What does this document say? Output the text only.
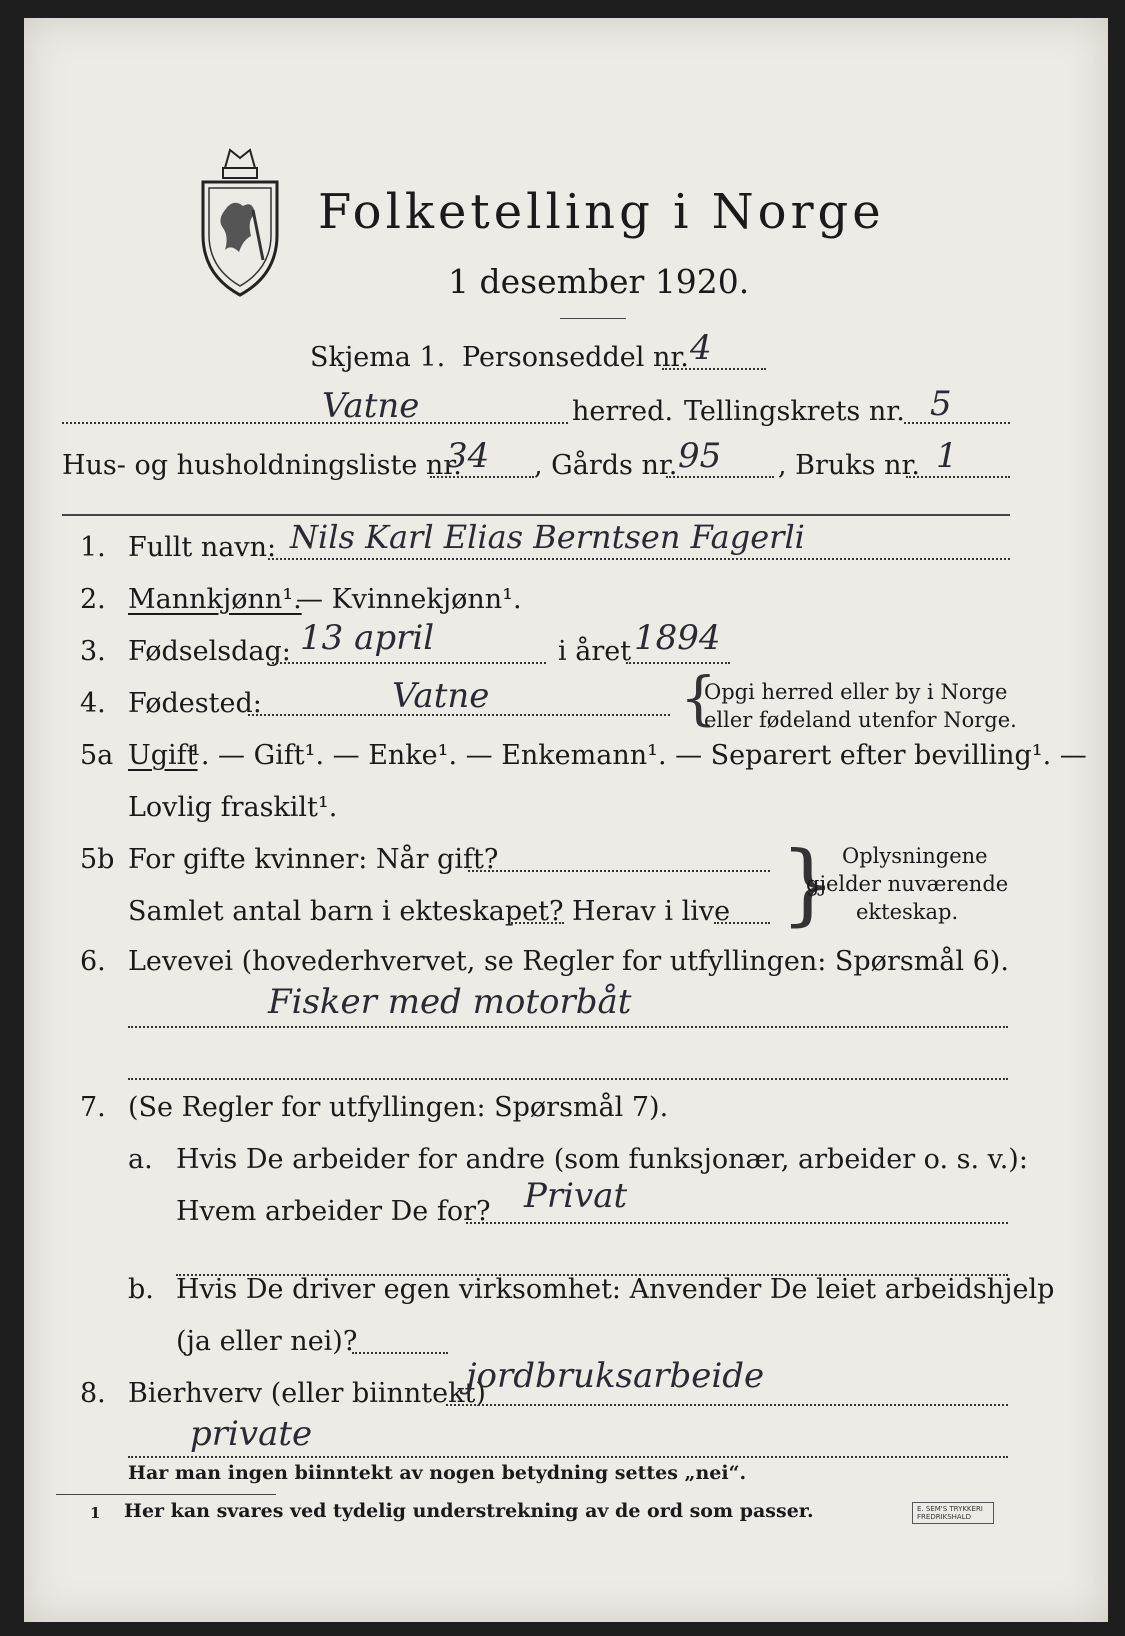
Folketelling i Norge
1 desember 1920.
Skjema 1. Personseddel nr. 4
Vatne	herred. Tellingskrets nr. 5
Hus- og husholdningsliste nr.
34 , Gårds nr. 95 , Bruks nr. 1
1. Fullt navn: Nils Karl Elias Berntsen Fagerli
2. Mannkjønn¹.
— Kvinnekjønn¹.
3. Fødselsdag: 13 april	i året 1894
4. Fødested:	Vatne	{
Opgi herred eller by i Norge
eller fødeland utenfor Norge.
5a Ugift
¹. — Gift¹. — Enke¹. — Enkemann¹. — Separert efter bevilling¹. —
Lovlig fraskilt¹.
5b For gifte kvinner: Når gift?
Samlet antal barn i ekteskapet? Herav i live } Oplysningene
gjelder nuværende
ekteskap.
6. Levevei (hovederhvervet, se Regler for utfyllingen: Spørsmål 6).
Fisker med motorbåt
7. (Se Regler for utfyllingen: Spørsmål 7).
a. Hvis De arbeider for andre (som funksjonær, arbeider o. s. v.):
Hvem arbeider De for? Privat
b. Hvis De driver egen virksomhet: Anvender De leiet arbeidshjelp
(ja eller nei)?
8. Bierhverv (eller biinntekt)
jordbruksarbeide
private
Har man ingen biinntekt av nogen betydning settes „nei“.
1 Her kan svares ved tydelig understrekning av de ord som passer.	E. SEM'S TRYKKERI FREDRIKSHALD
